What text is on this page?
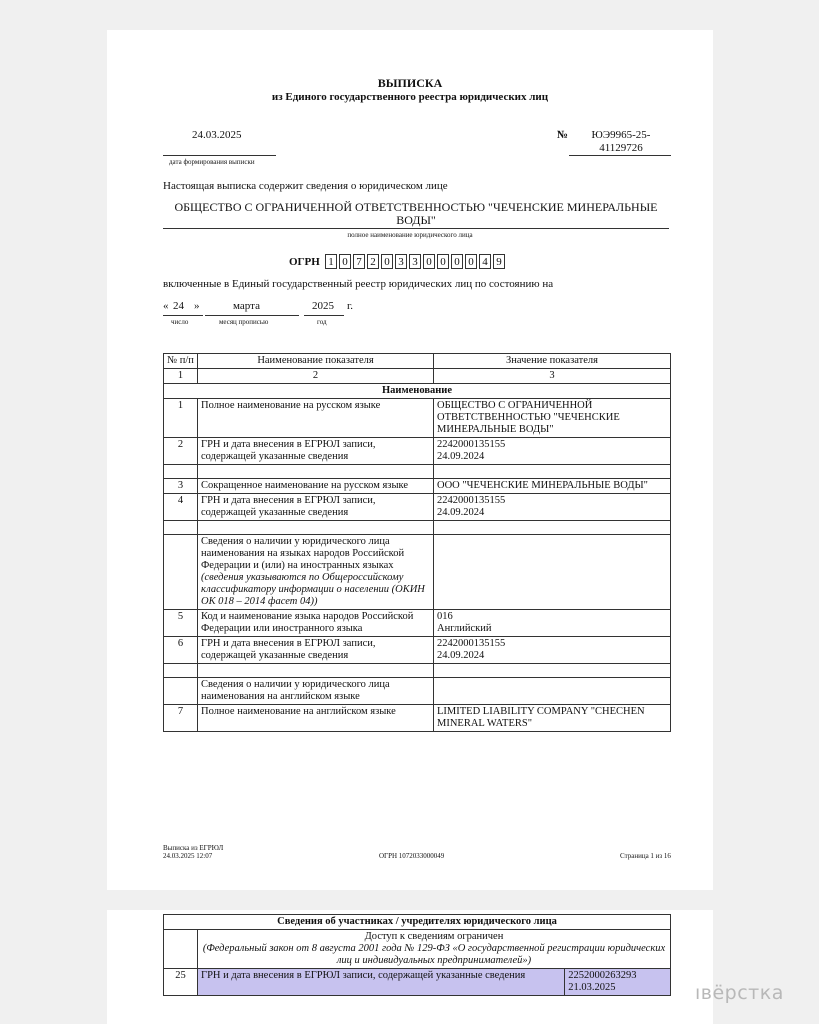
ВЫПИСКА
из Единого государственного реестра юридических лиц
24.03.2025
дата формирования выписки
№	ЮЭ9965-25-41129726
Настоящая выписка содержит сведения о юридическом лице
ОБЩЕСТВО С ОГРАНИЧЕННОЙ ОТВЕТСТВЕННОСТЬЮ "ЧЕЧЕНСКИЕ МИНЕРАЛЬНЫЕ ВОДЫ"
полное наименование юридического лица
ОГРН 1 0 7 2 0 3 3 0 0 0 0 4 9
включенные в Единый государственный реестр юридических лиц по состоянию на
« 24 »
число
марта
месяц прописью
2025 г.
год
№ п/п	Наименование показателя	Значение показателя
1	2	3
Наименование
1	Полное наименование на русском языке	ОБЩЕСТВО С ОГРАНИЧЕННОЙ ОТВЕТСТВЕННОСТЬЮ "ЧЕЧЕНСКИЕ МИНЕРАЛЬНЫЕ ВОДЫ"
2	ГРН и дата внесения в ЕГРЮЛ записи, содержащей указанные сведения	
2242000135155
24.09.2024

3	Сокращенное наименование на русском языке	ООО "ЧЕЧЕНСКИЕ МИНЕРАЛЬНЫЕ ВОДЫ"
4	ГРН и дата внесения в ЕГРЮЛ записи, содержащей указанные сведения	
2242000135155
24.09.2024

Сведения о наличии у юридического лица наименования на языках народов Российской Федерации и (или) на иностранных языках
(сведения указываются по Общероссийскому классификатору информации о населении (ОКИН ОК 018 – 2014 фасет 04))

5	Код и наименование языка народов Российской Федерации или иностранного языка	
016
Английский

6	ГРН и дата внесения в ЕГРЮЛ записи, содержащей указанные сведения	
2242000135155
24.09.2024

	Сведения о наличии у юридического лица наименования на английском языке	
7	Полное наименование на английском языке	LIMITED LIABILITY COMPANY "CHECHEN MINERAL WATERS"
Выписка из ЕГРЮЛ
24.03.2025 12:07	ОГРН 1072033000049	Страница 1 из 16
Сведения об участниках / учредителях юридического лица

Доступ к сведениям ограничен
(Федеральный закон от 8 августа 2001 года № 129-ФЗ «О государственной регистрации юридических лиц и индивидуальных предпринимателей»)

25	ГРН и дата внесения в ЕГРЮЛ записи, содержащей указанные сведения	2252000263293
21.03.2025	ıвёрстка
